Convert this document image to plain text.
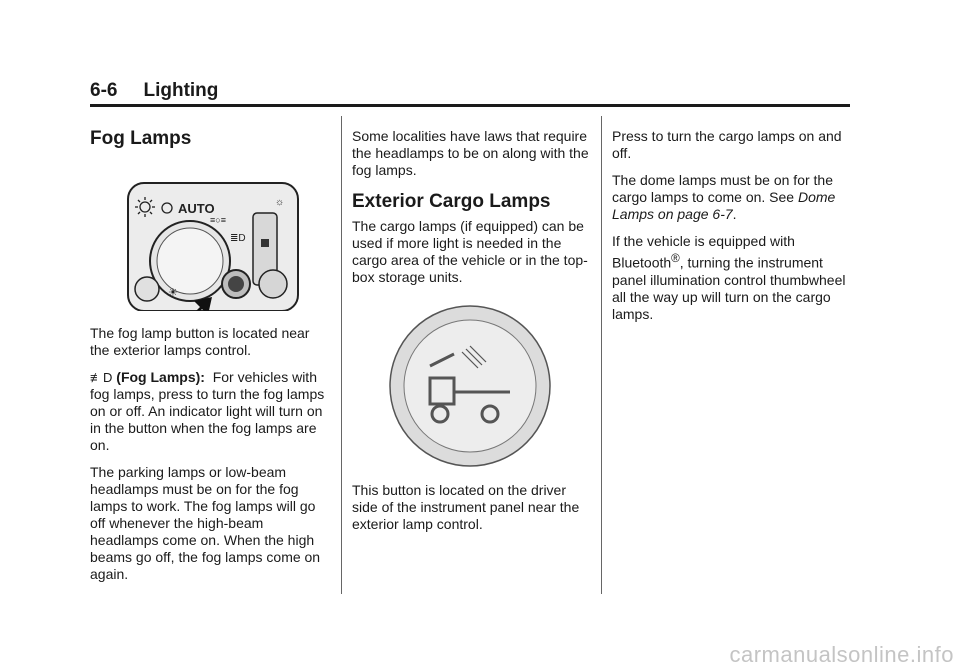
6-6 Lighting
Fog Lamps
AUTO
≡○≡
≣D
☼
☀

The fog lamp button is located near the exterior lamps control.

≢D (Fog Lamps): For vehicles with fog lamps, press to turn the fog lamps on or off. An indicator light will turn on in the button when the fog lamps are on.

The parking lamps or low-beam headlamps must be on for the fog lamps to work. The fog lamps will go off whenever the high-beam headlamps come on. When the high beams go off, the fog lamps come on again.

Some localities have laws that require the headlamps to be on along with the fog lamps.

Exterior Cargo Lamps

The cargo lamps (if equipped) can be used if more light is needed in the cargo area of the vehicle or in the top-box storage units.

This button is located on the driver side of the instrument panel near the exterior lamp control.

Press to turn the cargo lamps on and off.

The dome lamps must be on for the cargo lamps to come on. See Dome Lamps on page 6-7.

If the vehicle is equipped with Bluetooth®, turning the instrument panel illumination control thumbwheel all the way up will turn on the cargo lamps.

carmanualsonline.info
